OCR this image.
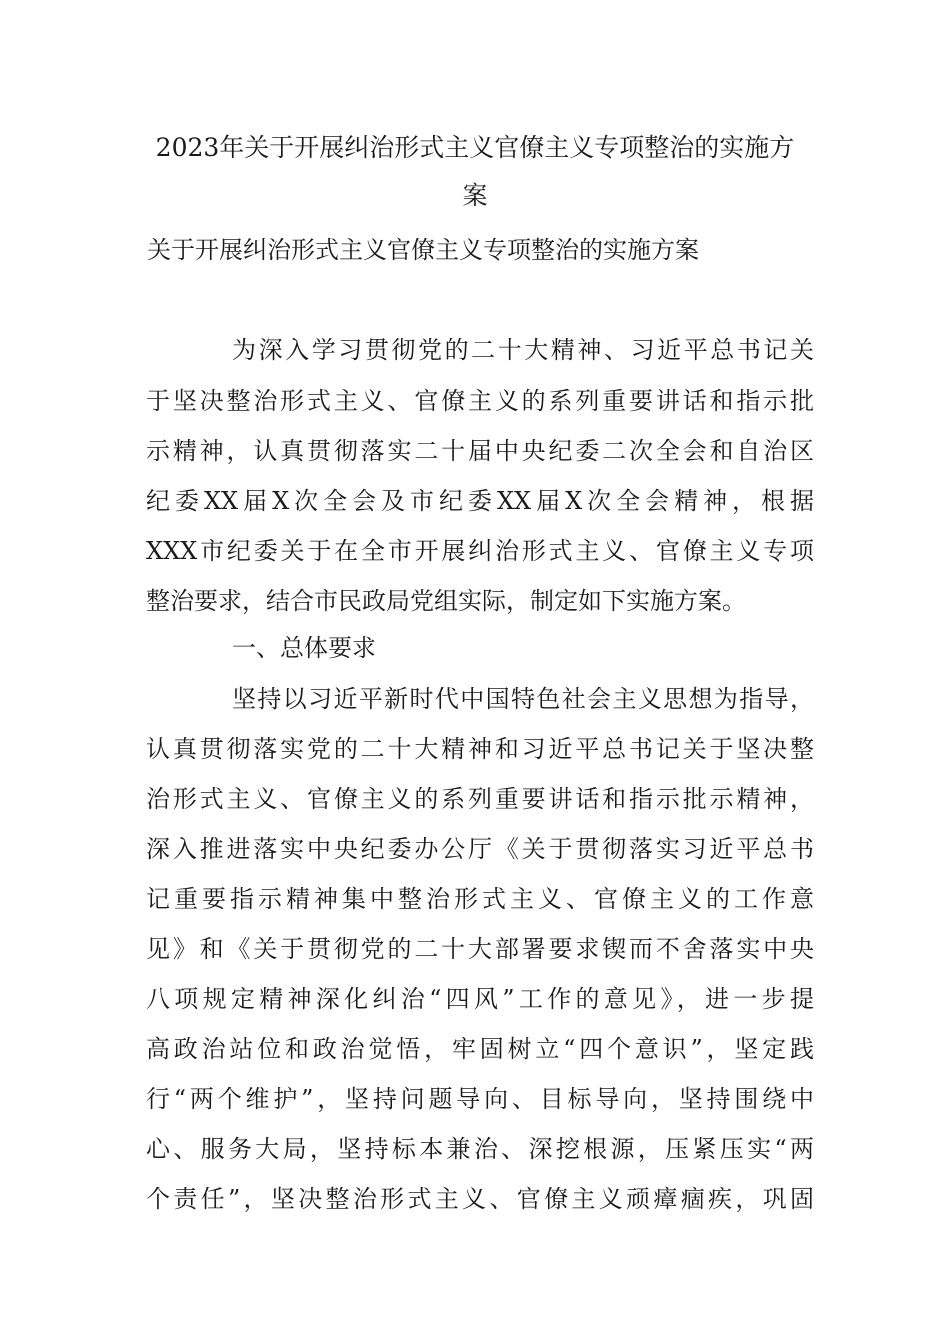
2023年关于开展纠治形式主义官僚主义专项整治的实施方
案
关于开展纠治形式主义官僚主义专项整治的实施方案
为深入学习贯彻党的二十大精神、习近平总书记关
于坚决整治形式主义、官僚主义的系列重要讲话和指示批
示精神，认真贯彻落实二十届中央纪委二次全会和自治区
纪委XX届X次全会及市纪委XX届X次全会精神，根据
XXX市纪委关于在全市开展纠治形式主义、官僚主义专项
整治要求，结合市民政局党组实际，制定如下实施方案。
一、总体要求
坚持以习近平新时代中国特色社会主义思想为指导，
认真贯彻落实党的二十大精神和习近平总书记关于坚决整
治形式主义、官僚主义的系列重要讲话和指示批示精神，
深入推进落实中央纪委办公厅《关于贯彻落实习近平总书
记重要指示精神集中整治形式主义、官僚主义的工作意
见》和《关于贯彻党的二十大部署要求锲而不舍落实中央
八项规定精神深化纠治“四风”工作的意见》，进一步提
高政治站位和政治觉悟，牢固树立“四个意识”，坚定践
行“两个维护”，坚持问题导向、目标导向，坚持围绕中
心、服务大局，坚持标本兼治、深挖根源，压紧压实“两
个责任”，坚决整治形式主义、官僚主义顽瘴痼疾，巩固
